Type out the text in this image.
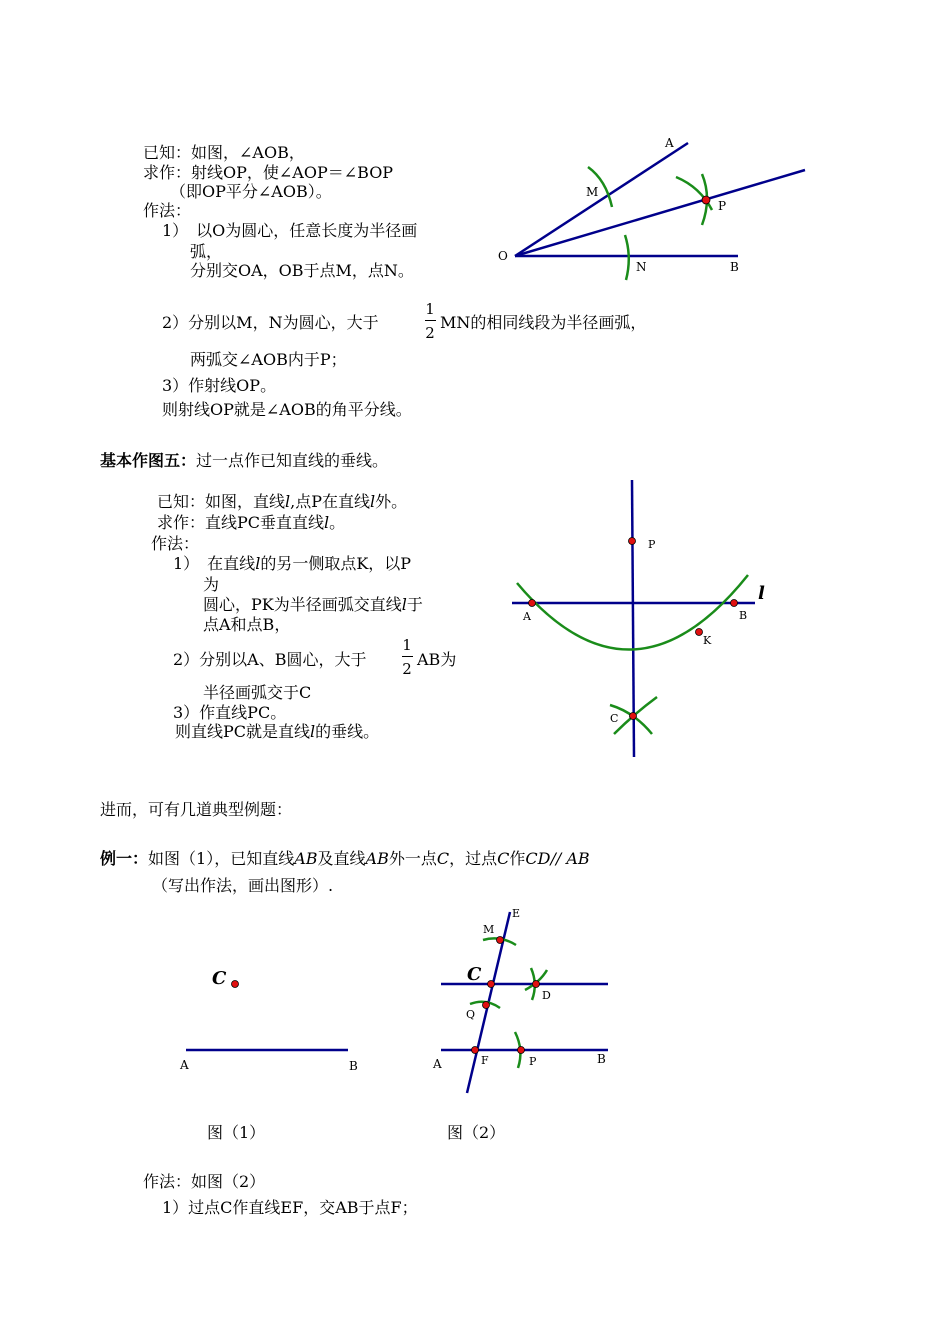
已知：如图，∠AOB，
求作：射线OP，使∠AOP＝∠BOP
（即OP平分∠AOB）。
作法：
1）　以O为圆心，任意长度为半径画
弧，
分别交OA，OB于点M，点N。
2）分别以M，N为圆心，大于
1
2
MN的相同线段为半径画弧，
两弧交∠AOB内于P；
3）作射线OP。
则射线OP就是∠AOB的角平分线。
A
M
P
O
N	B
基本作图五：过一点作已知直线的垂线。
已知：如图，直线l,点P在直线l外。
求作：直线PC垂直直线l。
作法：
1）　在直线l的另一侧取点K，以P
为
圆心，PK为半径画弧交直线l于
点A和点B，
2）分别以A、B圆心，大于
1
2 AB为
半径画弧交于C
3）作直线PC。
则直线PC就是直线l的垂线。
P
l
A	B
K
C
进而，可有几道典型例题：
例一：如图（1），已知直线AB及直线AB外一点C，过点C作CD// AB
（写出作法，画出图形）.
C
A	B
E
M
C
D
Q
A	F	P	B
图（1）	图（2）
作法：如图（2）
1）过点C作直线EF，交AB于点F；
